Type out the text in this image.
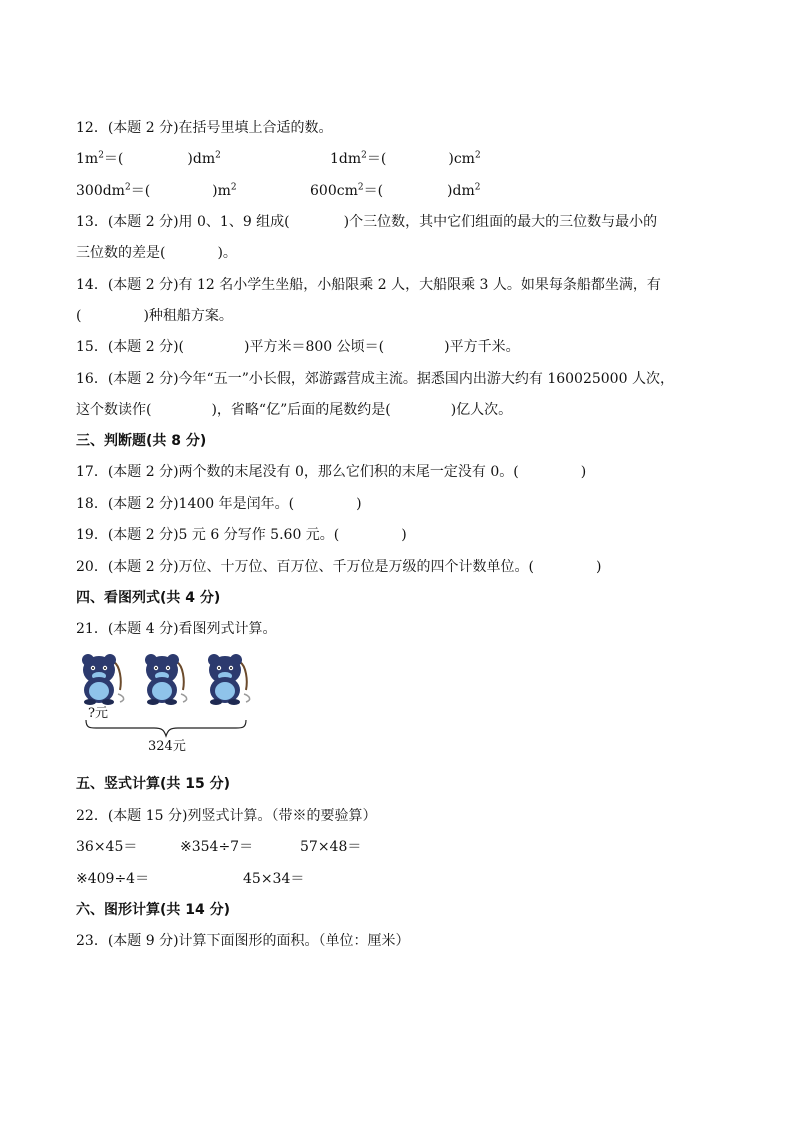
12．(本题 2 分)在括号里填上合适的数。
$1m^2=$(	)$dm^2$	$1dm^2=$(	)$cm^2$
$300dm^2=$(	)$m^2$	$600cm^2=$(	)$dm^2$
13．(本题 2 分)用 0、1、9 组成(	)个三位数，其中它们组面的最大的三位数与最小的
三位数的差是(	)。
14．(本题 2 分)有 12 名小学生坐船，小船限乘 2 人，大船限乘 3 人。如果每条船都坐满，有
(	)种租船方案。
15．(本题 2 分)(	)平方米＝800 公顷＝(	)平方千米。
16．(本题 2 分)今年“五一”小长假，郊游露营成主流。据悉国内出游大约有 160025000 人次，
这个数读作(	)，省略“亿”后面的尾数约是(	)亿人次。
三、判断题(共 8 分)
17．(本题 2 分)两个数的末尾没有 0，那么它们积的末尾一定没有 0。(	)
18．(本题 2 分)1400 年是闰年。(	)
19．(本题 2 分)5 元 6 分写作 5.60 元。(	)
20．(本题 2 分)万位、十万位、百万位、千万位是万级的四个计数单位。(	)
四、看图列式(共 4 分)
21．(本题 4 分)看图列式计算。
?元
324元
五、竖式计算(共 15 分)
22．(本题 15 分)列竖式计算。（带※的要验算）
36×45＝	※354÷7＝	57×48＝
※409÷4＝	45×34＝
六、图形计算(共 14 分)
23．(本题 9 分)计算下面图形的面积。（单位：厘米）
